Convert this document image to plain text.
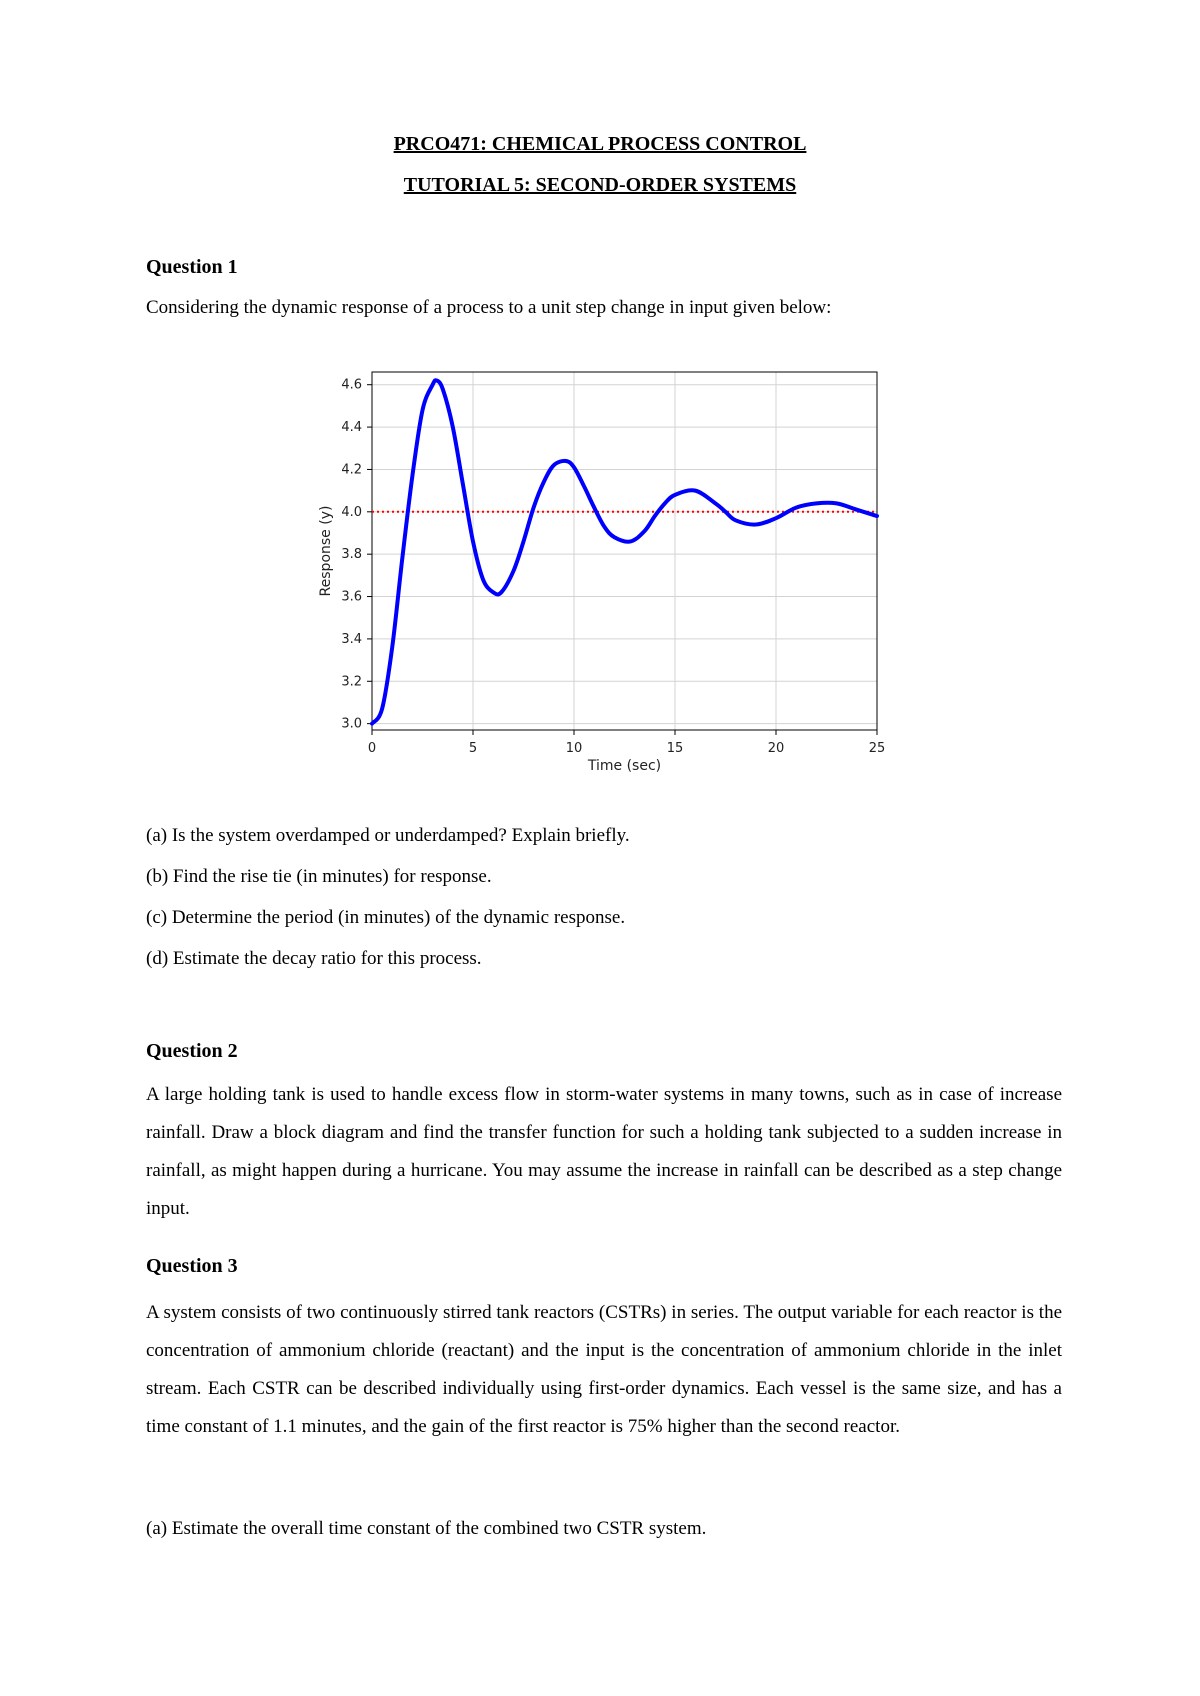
PRCO471: CHEMICAL PROCESS CONTROL

TUTORIAL 5: SECOND-ORDER SYSTEMS

Question 1

Considering the dynamic response of a process to a unit step change in input given below:

0	5	10	15	20	25
3.0
3.2
3.4
3.6
3.8
4.0
4.2
4.4
4.6
Time (sec)
Response (y)

(a) Is the system overdamped or underdamped? Explain briefly.

(b) Find the rise tie (in minutes) for response.

(c) Determine the period (in minutes) of the dynamic response.

(d) Estimate the decay ratio for this process.

Question 2

A large holding tank is used to handle excess flow in storm-water systems in many towns, such as in case of increase rainfall. Draw a block diagram and find the transfer function for such a holding tank subjected to a sudden increase in rainfall, as might happen during a hurricane. You may assume the increase in rainfall can be described as a step change input.

Question 3

A system consists of two continuously stirred tank reactors (CSTRs) in series. The output variable for each reactor is the concentration of ammonium chloride (reactant) and the input is the concentration of ammonium chloride in the inlet stream. Each CSTR can be described individually using first-order dynamics. Each vessel is the same size, and has a time constant of 1.1 minutes, and the gain of the first reactor is 75% higher than the second reactor.

(a) Estimate the overall time constant of the combined two CSTR system.
